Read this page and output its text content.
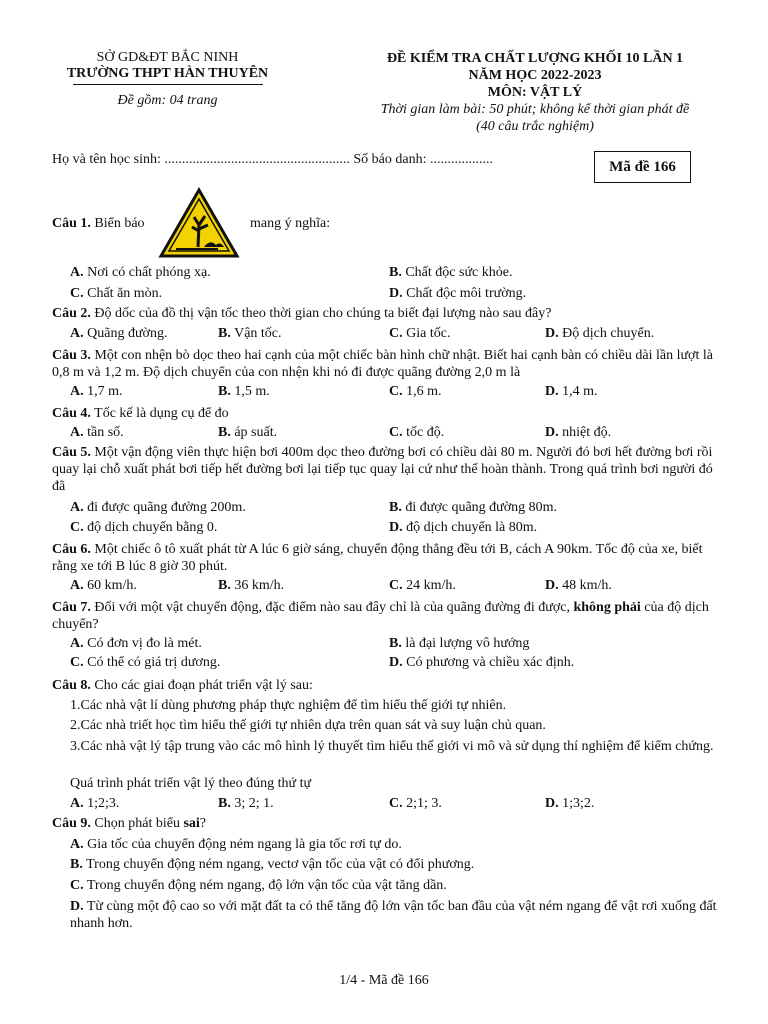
SỞ GD&ĐT BẮC NINH
TRƯỜNG THPT HÀN THUYÊN
Đề gồm: 04 trang
ĐỀ KIỂM TRA CHẤT LƯỢNG KHỐI 10 LẦN 1
NĂM HỌC 2022-2023
MÔN: VẬT LÝ
Thời gian làm bài: 50 phút; không kể thời gian phát đề
(40 câu trắc nghiệm)
Họ và tên học sinh: ..................................................... Số báo danh: ..................	Mã đề 166
Câu 1. Biển báo	mang ý nghĩa:
A. Nơi có chất phóng xạ.	B. Chất độc sức khỏe.
C. Chất ăn mòn.	D. Chất độc môi trường.
Câu 2. Độ dốc của đồ thị vận tốc theo thời gian cho chúng ta biết đại lượng nào sau đây?
A. Quãng đường.	B. Vận tốc.	C. Gia tốc.	D. Độ dịch chuyển.
Câu 3. Một con nhện bò dọc theo hai cạnh của một chiếc bàn hình chữ nhật. Biết hai cạnh bàn có chiều dài lần lượt là 0,8 m và 1,2 m. Độ dịch chuyển của con nhện khi nó đi được quãng đường 2,0 m là
A. 1,7 m.	B. 1,5 m.	C. 1,6 m.	D. 1,4 m.
Câu 4. Tốc kế là dụng cụ để đo
A. tần số.	B. áp suất.	C. tốc độ.	D. nhiệt độ.
Câu 5. Một vận động viên thực hiện bơi 400m dọc theo đường bơi có chiều dài 80 m. Người đó bơi hết đường bơi rồi quay lại chỗ xuất phát bơi tiếp hết đường bơi lại tiếp tục quay lại cứ như thế hoàn thành. Trong quá trình bơi người đó đã
A. đi được quãng đường 200m.	B. đi được quãng đường 80m.
C. độ dịch chuyển bằng 0.	D. độ dịch chuyển là 80m.
Câu 6. Một chiếc ô tô xuất phát từ A lúc 6 giờ sáng, chuyển động thẳng đều tới B, cách A 90km. Tốc độ của xe, biết rằng xe tới B lúc 8 giờ 30 phút.
A. 60 km/h.	B. 36 km/h.	C. 24 km/h.	D. 48 km/h.
Câu 7. Đối với một vật chuyển động, đặc điểm nào sau đây chỉ là của quãng đường đi được, không phải của độ dịch chuyển?
A. Có đơn vị đo là mét.	B. là đại lượng vô hướng
C. Có thể có giá trị dương.	D. Có phương và chiều xác định.
Câu 8. Cho các giai đoạn phát triển vật lý sau:
1.Các nhà vật lí dùng phương pháp thực nghiệm để tìm hiểu thế giới tự nhiên.
2.Các nhà triết học tìm hiểu thế giới tự nhiên dựa trên quan sát và suy luận chủ quan.
3.Các nhà vật lý tập trung vào các mô hình lý thuyết tìm hiểu thế giới vi mô và sử dụng thí nghiệm để kiểm chứng.
Quá trình phát triển vật lý theo đúng thứ tự
A. 1;2;3.	B. 3; 2; 1.	C. 2;1; 3.	D. 1;3;2.
Câu 9. Chọn phát biểu sai?
A. Gia tốc của chuyển động ném ngang là gia tốc rơi tự do.
B. Trong chuyển động ném ngang, vectơ vận tốc của vật có đổi phương.
C. Trong chuyển động ném ngang, độ lớn vận tốc của vật tăng dần.
D. Từ cùng một độ cao so với mặt đất ta có thể tăng độ lớn vận tốc ban đầu của vật ném ngang để vật rơi xuống đất nhanh hơn.
1/4 - Mã đề 166
